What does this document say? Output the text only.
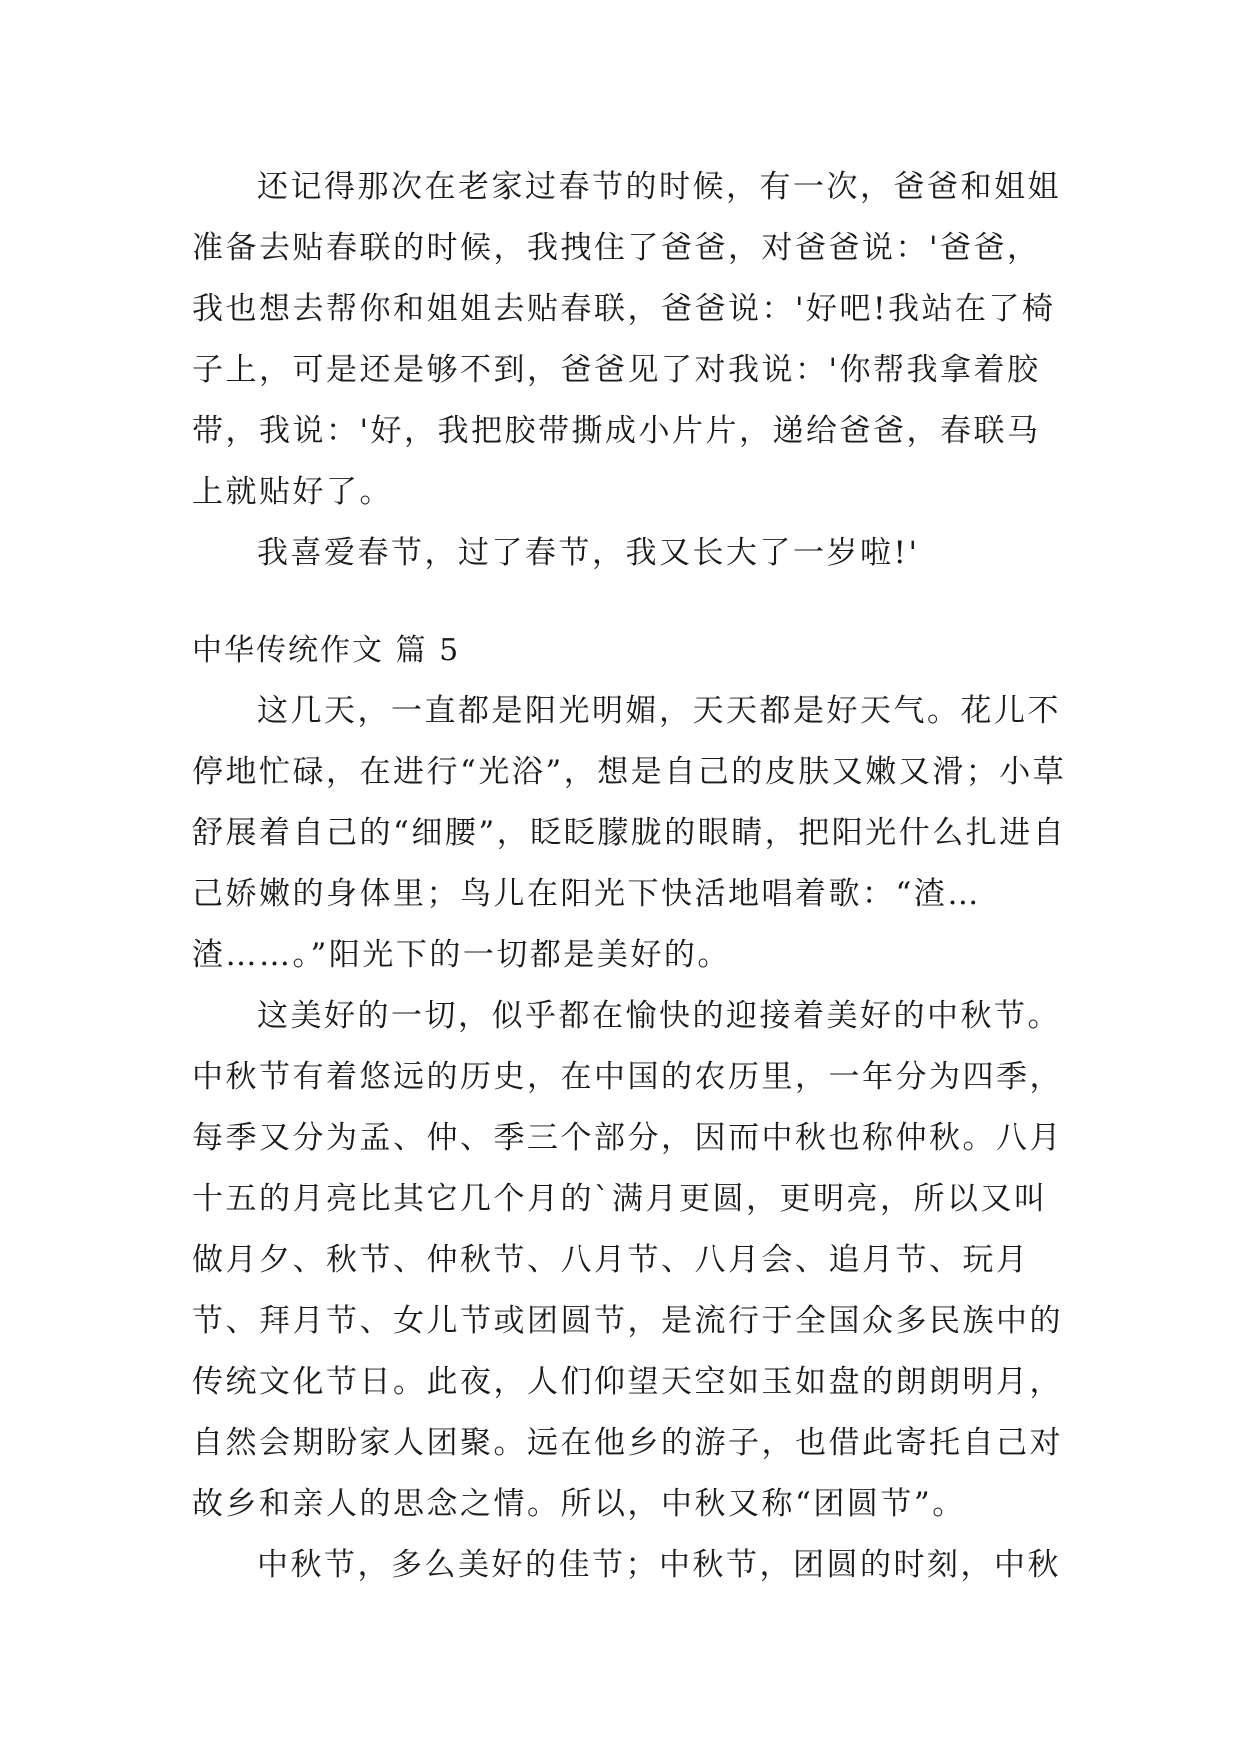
还记得那次在老家过春节的时候，有一次，爸爸和姐姐准备去贴春联的时候，我拽住了爸爸，对爸爸说：'爸爸，我也想去帮你和姐姐去贴春联，爸爸说：'好吧!我站在了椅子上，可是还是够不到，爸爸见了对我说：'你帮我拿着胶带，我说：'好，我把胶带撕成小片片，递给爸爸，春联马上就贴好了。

我喜爱春节，过了春节，我又长大了一岁啦!'

中华传统作文 篇 5

这几天，一直都是阳光明媚，天天都是好天气。花儿不停地忙碌，在进行“光浴”，想是自己的皮肤又嫩又滑；小草舒展着自己的“细腰”，眨眨朦胧的眼睛，把阳光什么扎进自己娇嫩的身体里；鸟儿在阳光下快活地唱着歌：“渣…渣……。”阳光下的一切都是美好的。

这美好的一切，似乎都在愉快的迎接着美好的中秋节。中秋节有着悠远的历史，在中国的农历里，一年分为四季，每季又分为孟、仲、季三个部分，因而中秋也称仲秋。八月十五的月亮比其它几个月的`满月更圆，更明亮，所以又叫做月夕、秋节、仲秋节、八月节、八月会、追月节、玩月节、拜月节、女儿节或团圆节，是流行于全国众多民族中的传统文化节日。此夜，人们仰望天空如玉如盘的朗朗明月，自然会期盼家人团聚。远在他乡的游子，也借此寄托自己对故乡和亲人的思念之情。所以，中秋又称“团圆节”。

中秋节，多么美好的佳节；中秋节，团圆的时刻，中秋
